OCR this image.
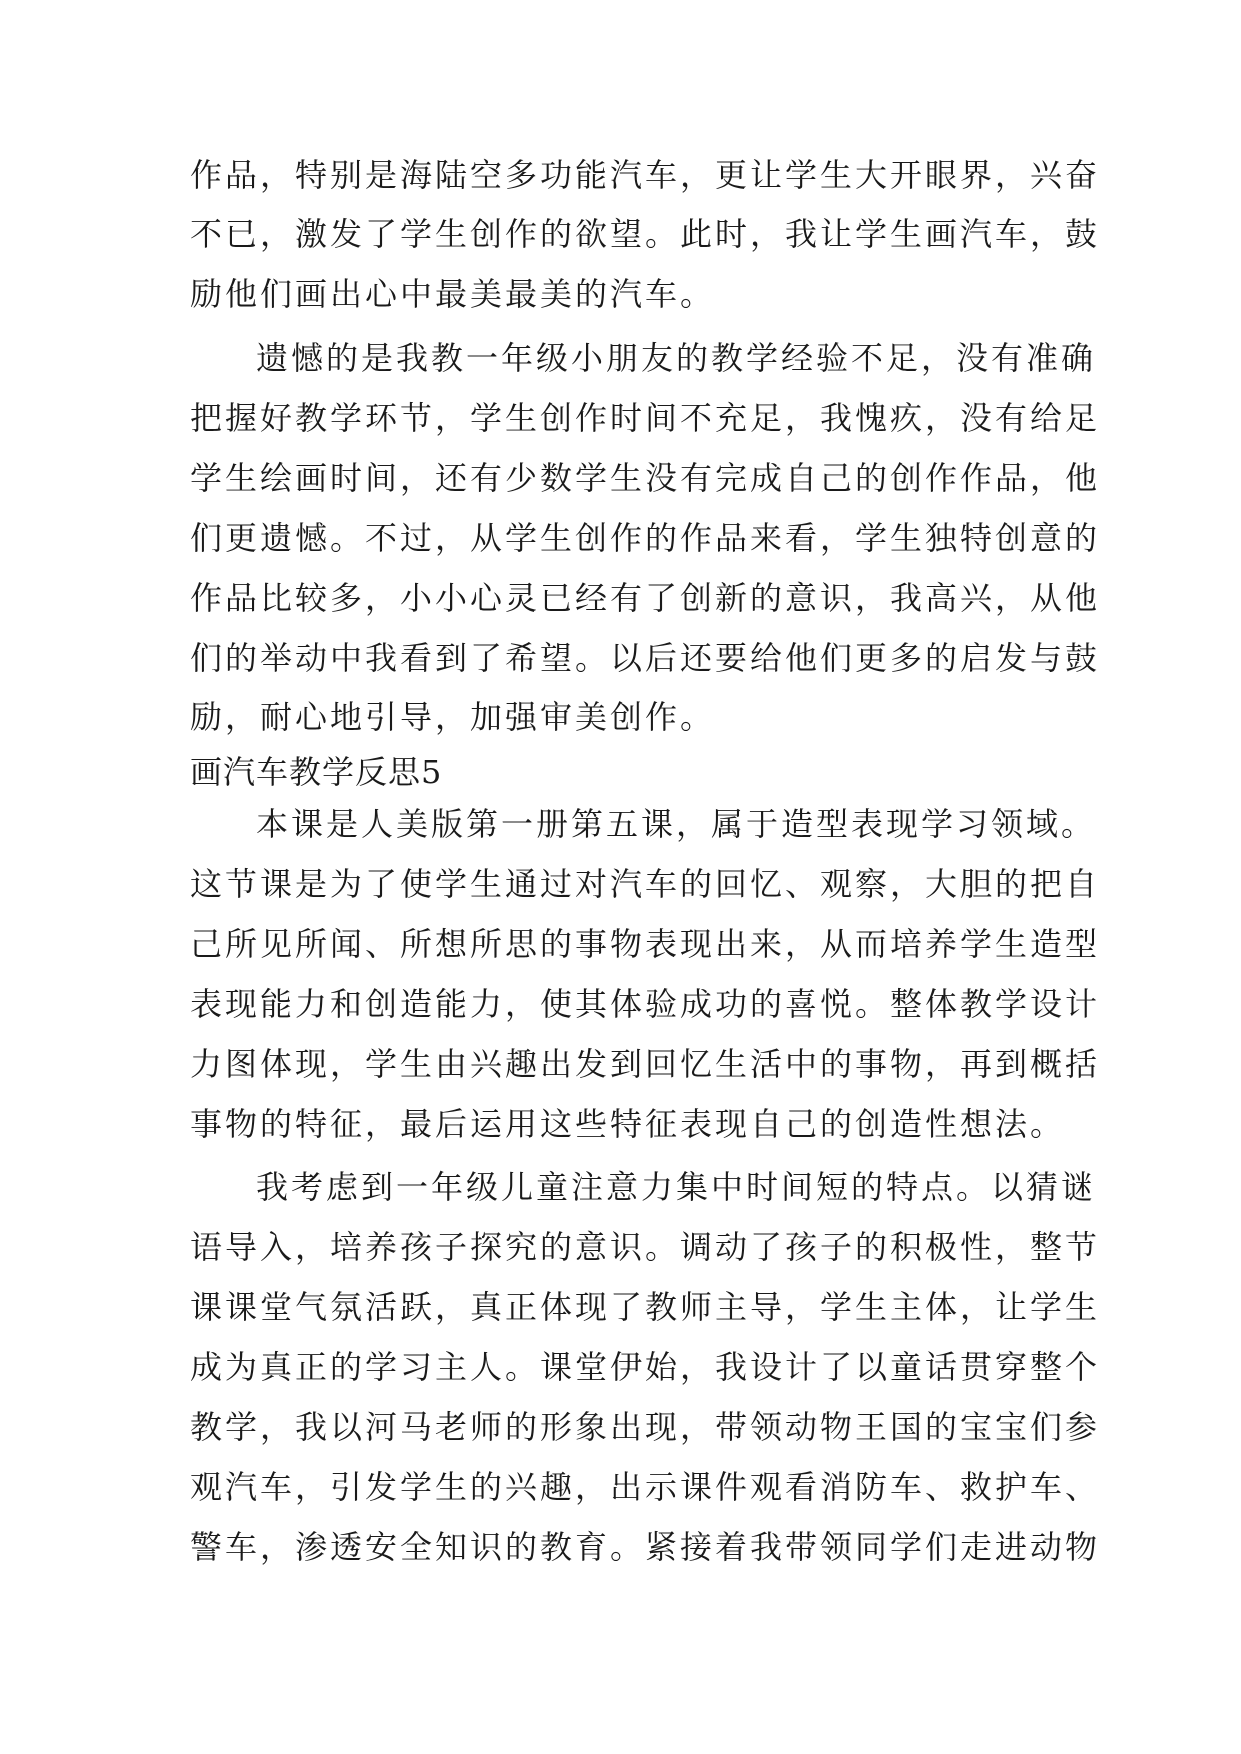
作品，特别是海陆空多功能汽车，更让学生大开眼界，兴奋
不已，激发了学生创作的欲望。此时，我让学生画汽车，鼓
励他们画出心中最美最美的汽车。
遗憾的是我教一年级小朋友的教学经验不足，没有准确
把握好教学环节，学生创作时间不充足，我愧疚，没有给足
学生绘画时间，还有少数学生没有完成自己的创作作品，他
们更遗憾。不过，从学生创作的作品来看，学生独特创意的
作品比较多，小小心灵已经有了创新的意识，我高兴，从他
们的举动中我看到了希望。以后还要给他们更多的启发与鼓
励，耐心地引导，加强审美创作。
画汽车教学反思5
本课是人美版第一册第五课，属于造型表现学习领域。
这节课是为了使学生通过对汽车的回忆、观察，大胆的把自
己所见所闻、所想所思的事物表现出来，从而培养学生造型
表现能力和创造能力，使其体验成功的喜悦。整体教学设计
力图体现，学生由兴趣出发到回忆生活中的事物，再到概括
事物的特征，最后运用这些特征表现自己的创造性想法。
我考虑到一年级儿童注意力集中时间短的特点。以猜谜
语导入，培养孩子探究的意识。调动了孩子的积极性，整节
课课堂气氛活跃，真正体现了教师主导，学生主体，让学生
成为真正的学习主人。课堂伊始，我设计了以童话贯穿整个
教学，我以河马老师的形象出现，带领动物王国的宝宝们参
观汽车，引发学生的兴趣，出示课件观看消防车、救护车、
警车，渗透安全知识的教育。紧接着我带领同学们走进动物
